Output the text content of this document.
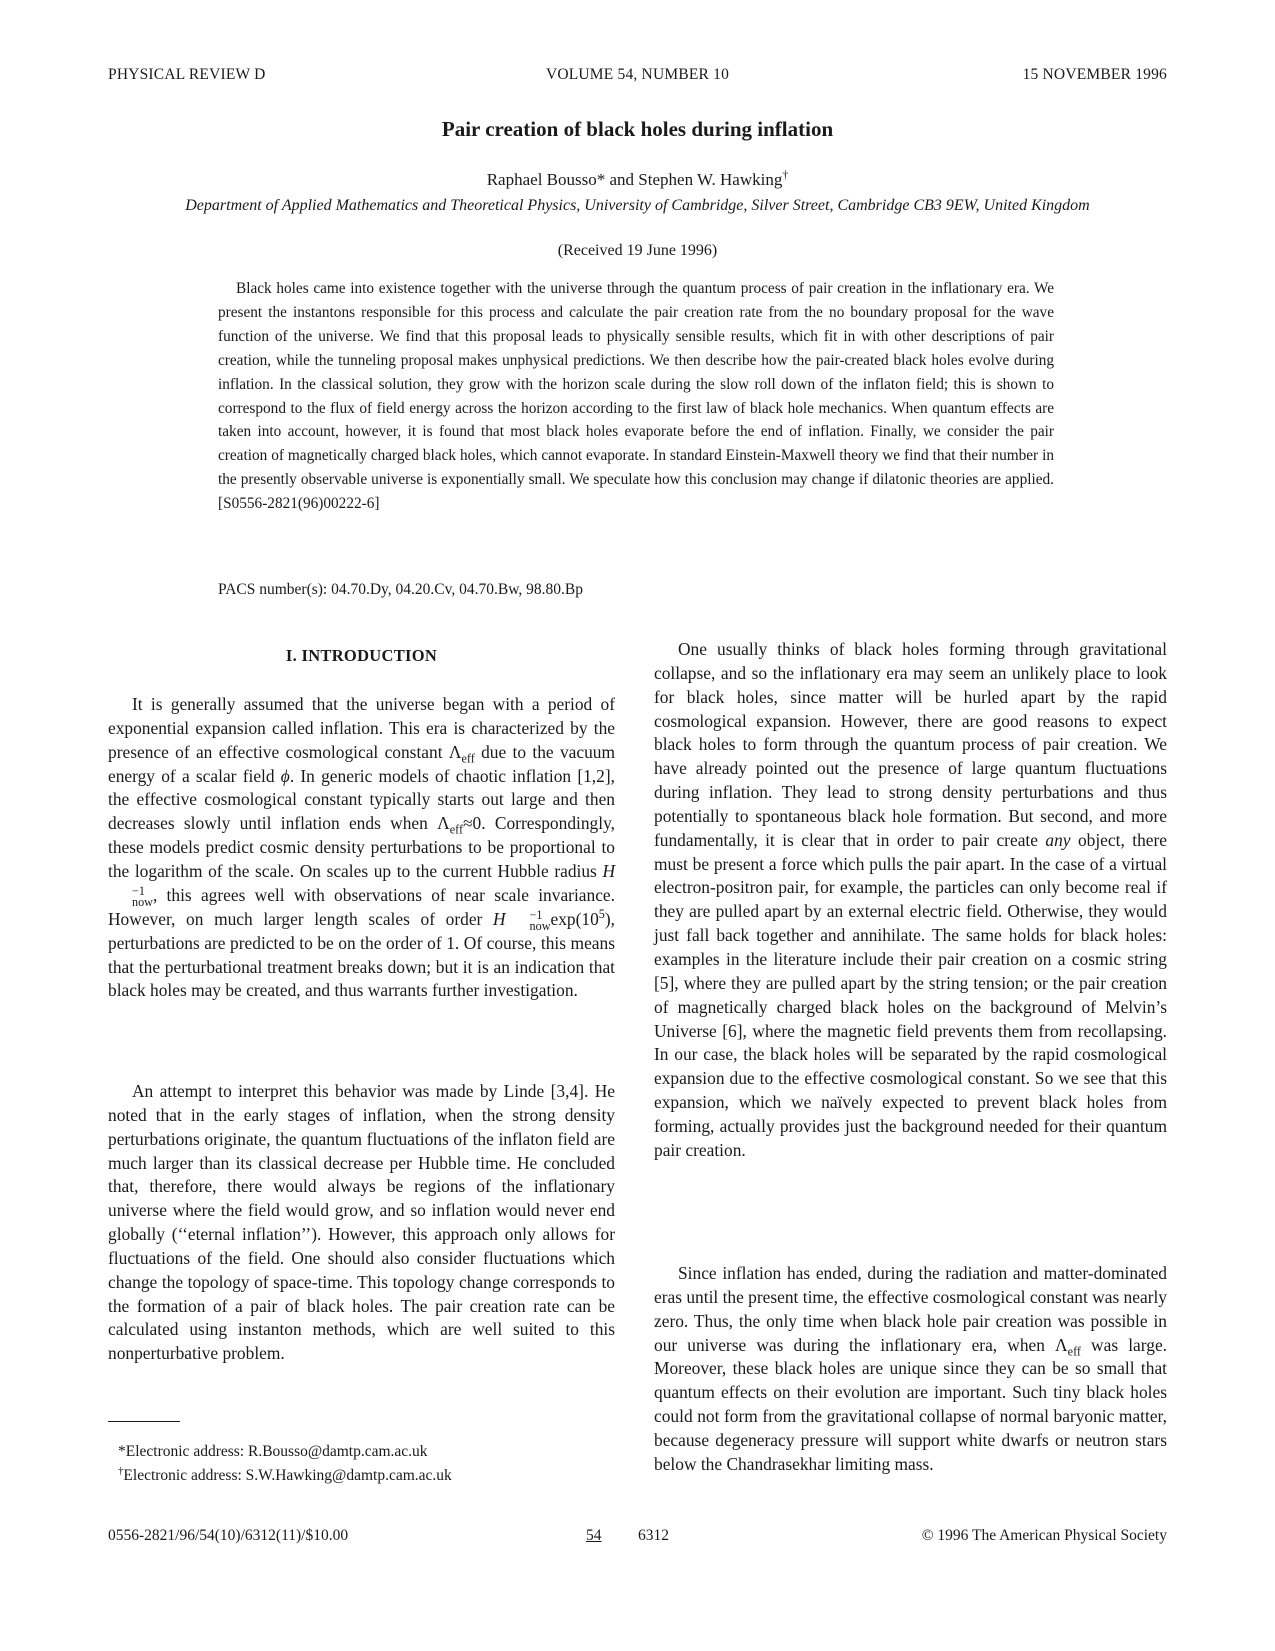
PHYSICAL REVIEW D	VOLUME 54, NUMBER 10	15 NOVEMBER 1996
Pair creation of black holes during inflation
Raphael Bousso* and Stephen W. Hawking†
Department of Applied Mathematics and Theoretical Physics, University of Cambridge, Silver Street, Cambridge CB3 9EW, United Kingdom
(Received 19 June 1996)

Black holes came into existence together with the universe through the quantum process of pair creation in the inflationary era. We present the instantons responsible for this process and calculate the pair creation rate from the no boundary proposal for the wave function of the universe. We find that this proposal leads to physically sensible results, which fit in with other descriptions of pair creation, while the tunneling proposal makes unphysical predictions. We then describe how the pair-created black holes evolve during inflation. In the classical solution, they grow with the horizon scale during the slow roll down of the inflaton field; this is shown to correspond to the flux of field energy across the horizon according to the first law of black hole mechanics. When quantum effects are taken into account, however, it is found that most black holes evaporate before the end of inflation. Finally, we consider the pair creation of magnetically charged black holes, which cannot evaporate. In standard Einstein-Maxwell theory we find that their number in the presently observable universe is exponentially small. We speculate how this conclusion may change if dilatonic theories are applied. [S0556-2821(96)00222-6]

PACS number(s): 04.70.Dy, 04.20.Cv, 04.70.Bw, 98.80.Bp
I. INTRODUCTION

It is generally assumed that the universe began with a period of exponential expansion called inflation. This era is characterized by the presence of an effective cosmological constant $\Lambda_{eff}$ due to the vacuum energy of a scalar field ϕ. In generic models of chaotic inflation [1,2], the effective cosmological constant typically starts out large and then decreases slowly until inflation ends when $\Lambda_{eff}\approx 0$. Correspondingly, these models predict cosmic density perturbations to be proportional to the logarithm of the scale. On scales up to the current Hubble radius H
−1
now , this agrees well with observations of near scale invariance. However, on much larger length scales of order H	−1
now $\exp(10^5)$, perturbations are predicted to be on the order of 1. Of course, this means that the perturbational treatment breaks down; but it is an indication that black holes may be created, and thus warrants further investigation.

An attempt to interpret this behavior was made by Linde [3,4]. He noted that in the early stages of inflation, when the strong density perturbations originate, the quantum fluctuations of the inflaton field are much larger than its classical decrease per Hubble time. He concluded that, therefore, there would always be regions of the inflationary universe where the field would grow, and so inflation would never end globally (‘‘eternal inflation’’). However, this approach only allows for fluctuations of the field. One should also consider fluctuations which change the topology of space-time. This topology change corresponds to the formation of a pair of black holes. The pair creation rate can be calculated using instanton methods, which are well suited to this nonperturbative problem.

One usually thinks of black holes forming through gravitational collapse, and so the inflationary era may seem an unlikely place to look for black holes, since matter will be hurled apart by the rapid cosmological expansion. However, there are good reasons to expect black holes to form through the quantum process of pair creation. We have already pointed out the presence of large quantum fluctuations during inflation. They lead to strong density perturbations and thus potentially to spontaneous black hole formation. But second, and more fundamentally, it is clear that in order to pair create any object, there must be present a force which pulls the pair apart. In the case of a virtual electron-positron pair, for example, the particles can only become real if they are pulled apart by an external electric field. Otherwise, they would just fall back together and annihilate. The same holds for black holes: examples in the literature include their pair creation on a cosmic string [5], where they are pulled apart by the string tension; or the pair creation of magnetically charged black holes on the background of Melvin’s Universe [6], where the magnetic field prevents them from recollapsing. In our case, the black holes will be separated by the rapid cosmological expansion due to the effective cosmological constant. So we see that this expansion, which we naïvely expected to prevent black holes from forming, actually provides just the background needed for their quantum pair creation.

Since inflation has ended, during the radiation and matter-dominated eras until the present time, the effective cosmological constant was nearly zero. Thus, the only time when black hole pair creation was possible in our universe was during the inflationary era, when $\Lambda_{eff}$ was large. Moreover, these black holes are unique since they can be so small that quantum effects on their evolution are important. Such tiny black holes could not form from the gravitational collapse of normal baryonic matter, because degeneracy pressure will support white dwarfs or neutron stars below the Chandrasekhar limiting mass.

*Electronic address: R.Bousso@damtp.cam.ac.uk
†Electronic address: S.W.Hawking@damtp.cam.ac.uk
0556-2821/96/54(10)/6312(11)/$10.00	54 6312	© 1996 The American Physical Society
